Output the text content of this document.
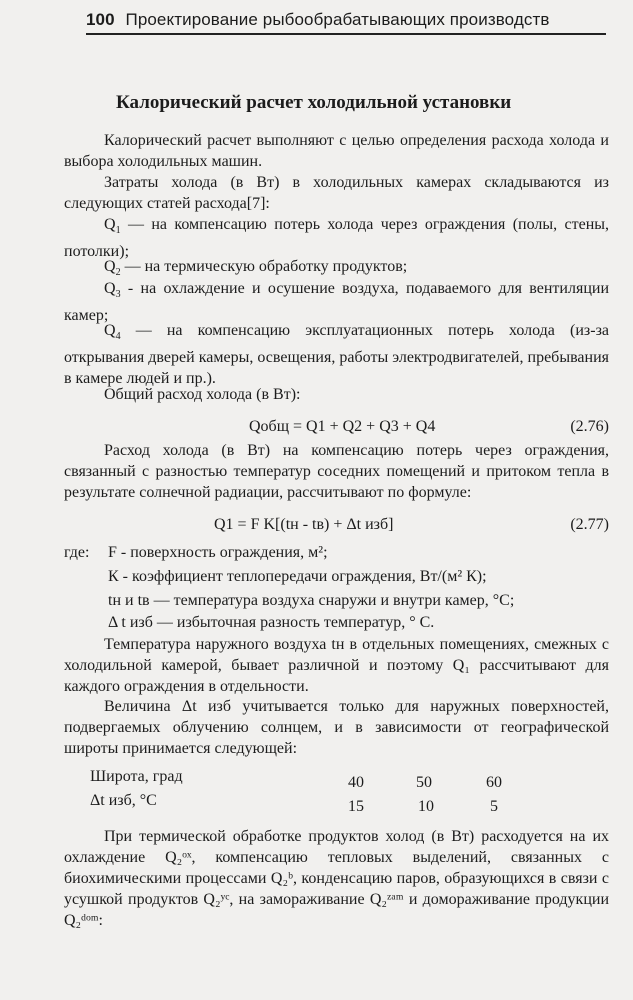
100 Проектирование рыбообрабатывающих производств
Калорический расчет холодильной установки
Калорический расчет выполняют с целью определения расхода холода и выбора холодильных машин.
Затраты холода (в Вт) в холодильных камерах складываются из следующих статей расхода[7]:
$Q_1$ — на компенсацию потерь холода через ограждения (полы, стены, потолки);
$Q_2$ — на термическую обработку продуктов;
$Q_3$ - на охлаждение и осушение воздуха, подаваемого для вентиляции камер;
$Q_4$ — на компенсацию эксплуатационных потерь холода (из-за открывания дверей камеры, освещения, работы электродвигателей, пребывания в камере людей и пр.).
Общий расход холода (в Вт):
Qобщ = Q1 + Q2 + Q3 + Q4	(2.76)
Расход холода (в Вт) на компенсацию потерь через ограждения, связанный с разностью температур соседних помещений и притоком тепла в результате солнечной радиации, рассчитывают по формуле:
Q1 = F K[(tн - tв) + Δt изб]	(2.77)
где: F - поверхность ограждения, м²;
К - коэффициент теплопередачи ограждения, Вт/(м² К);
tн и tв — температура воздуха снаружи и внутри камер, °С;
Δ t изб — избыточная разность температур, ° С.
Температура наружного воздуха tн в отдельных помещениях, смежных с холодильной камерой, бывает различной и поэтому Q₁ рассчитывают для каждого ограждения в отдельности.
Величина Δt изб учитывается только для наружных поверхностей, подвергаемых облучению солнцем, и в зависимости от географической широты принимается следующей:
Широта, град	40	50	60
Δt изб, °С	15	10	5
При термической обработке продуктов холод (в Вт) расходуется на их охлаждение Q₂ᵒˣ, компенсацию тепловых выделений, связанных с биохимическими процессами Q₂ᵇ, конденсацию паров, образующихся в связи с усушкой продуктов Q₂ʸᶜ, на замораживание Q₂ᶻᵃᵐ и домораживание продукции Q₂ᵈᵒᵐ:
